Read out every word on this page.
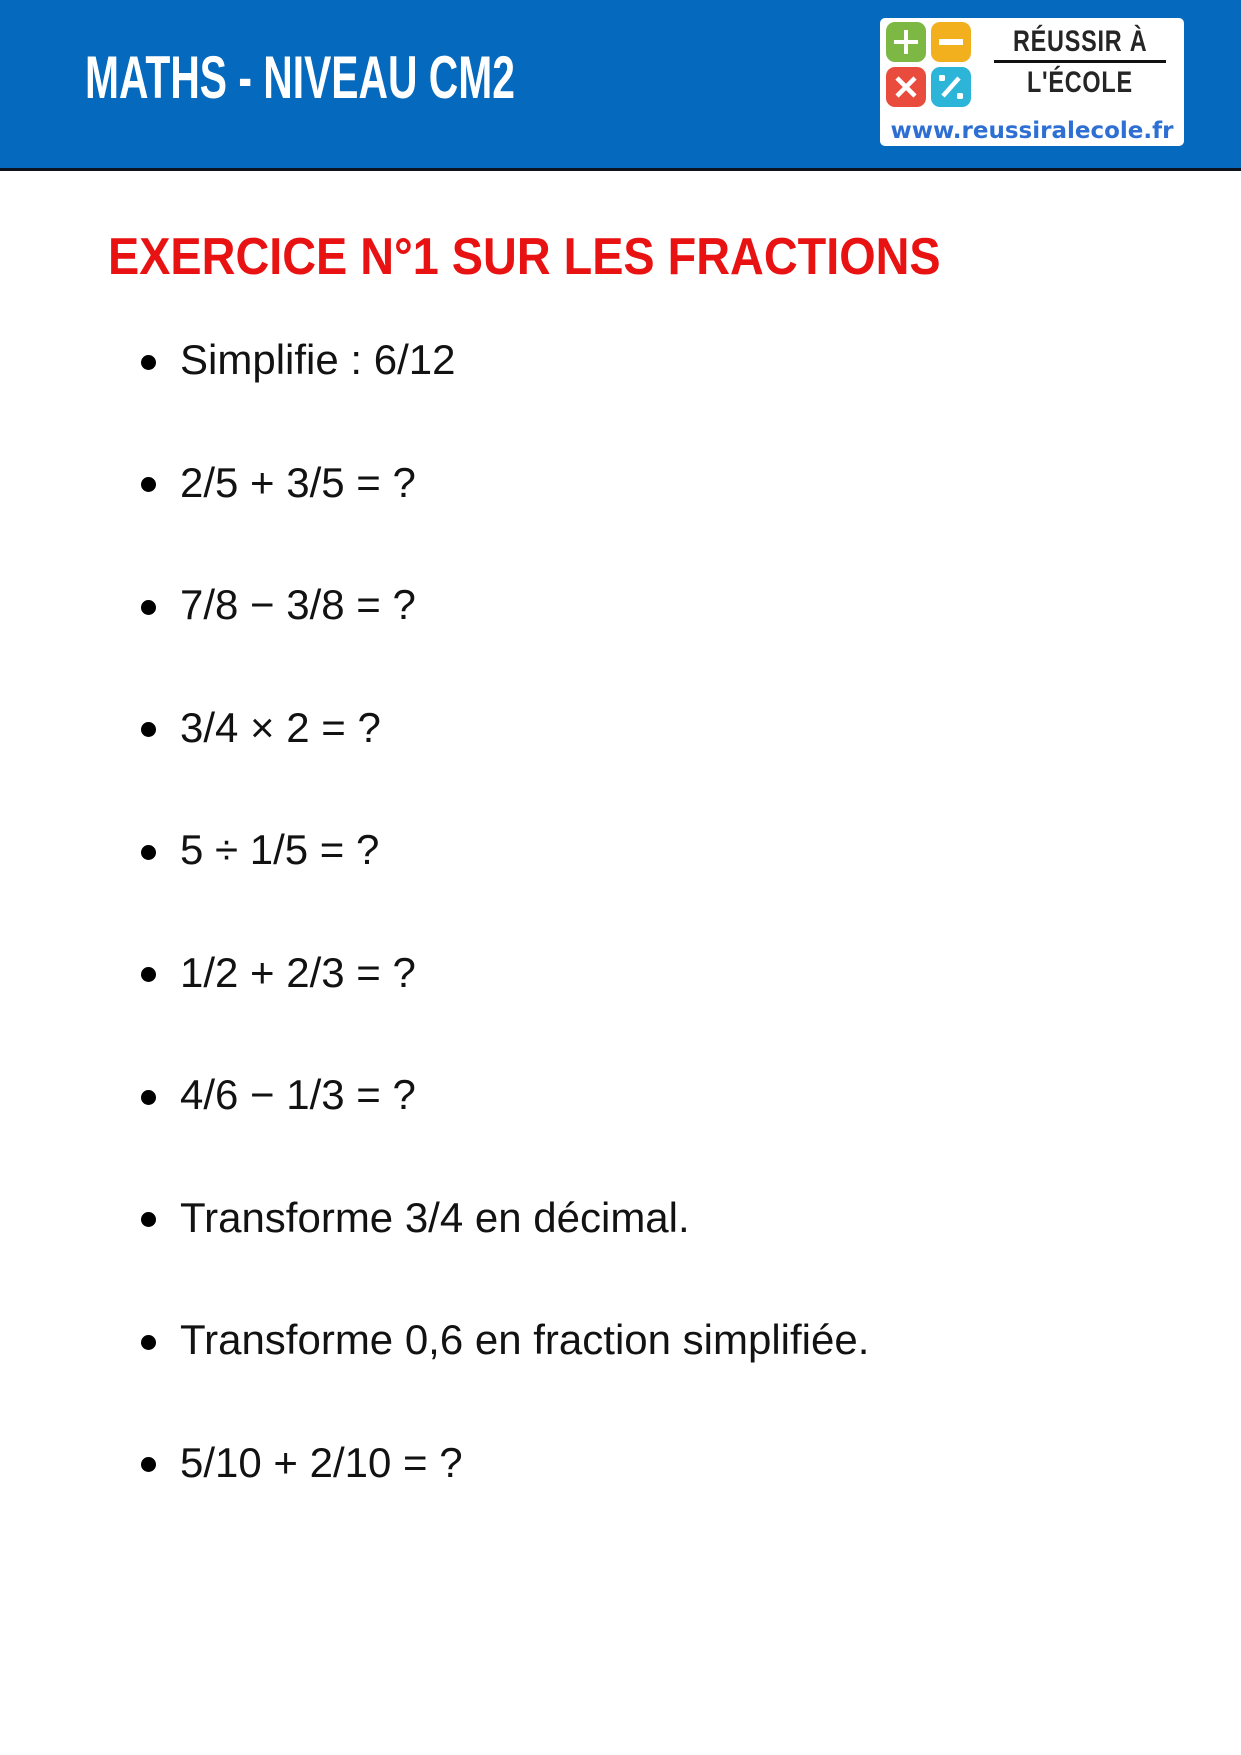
MATHS - NIVEAU CM2
RÉUSSIR À
L'ÉCOLE
www.reussiralecole.fr
EXERCICE N°1 SUR LES FRACTIONS
Simplifie : 6/12
2/5 + 3/5 = ?
7/8 − 3/8 = ?
3/4 × 2 = ?
5 ÷ 1/5 = ?
1/2 + 2/3 = ?
4/6 − 1/3 = ?
Transforme 3/4 en décimal.
Transforme 0,6 en fraction simplifiée.
5/10 + 2/10 = ?
